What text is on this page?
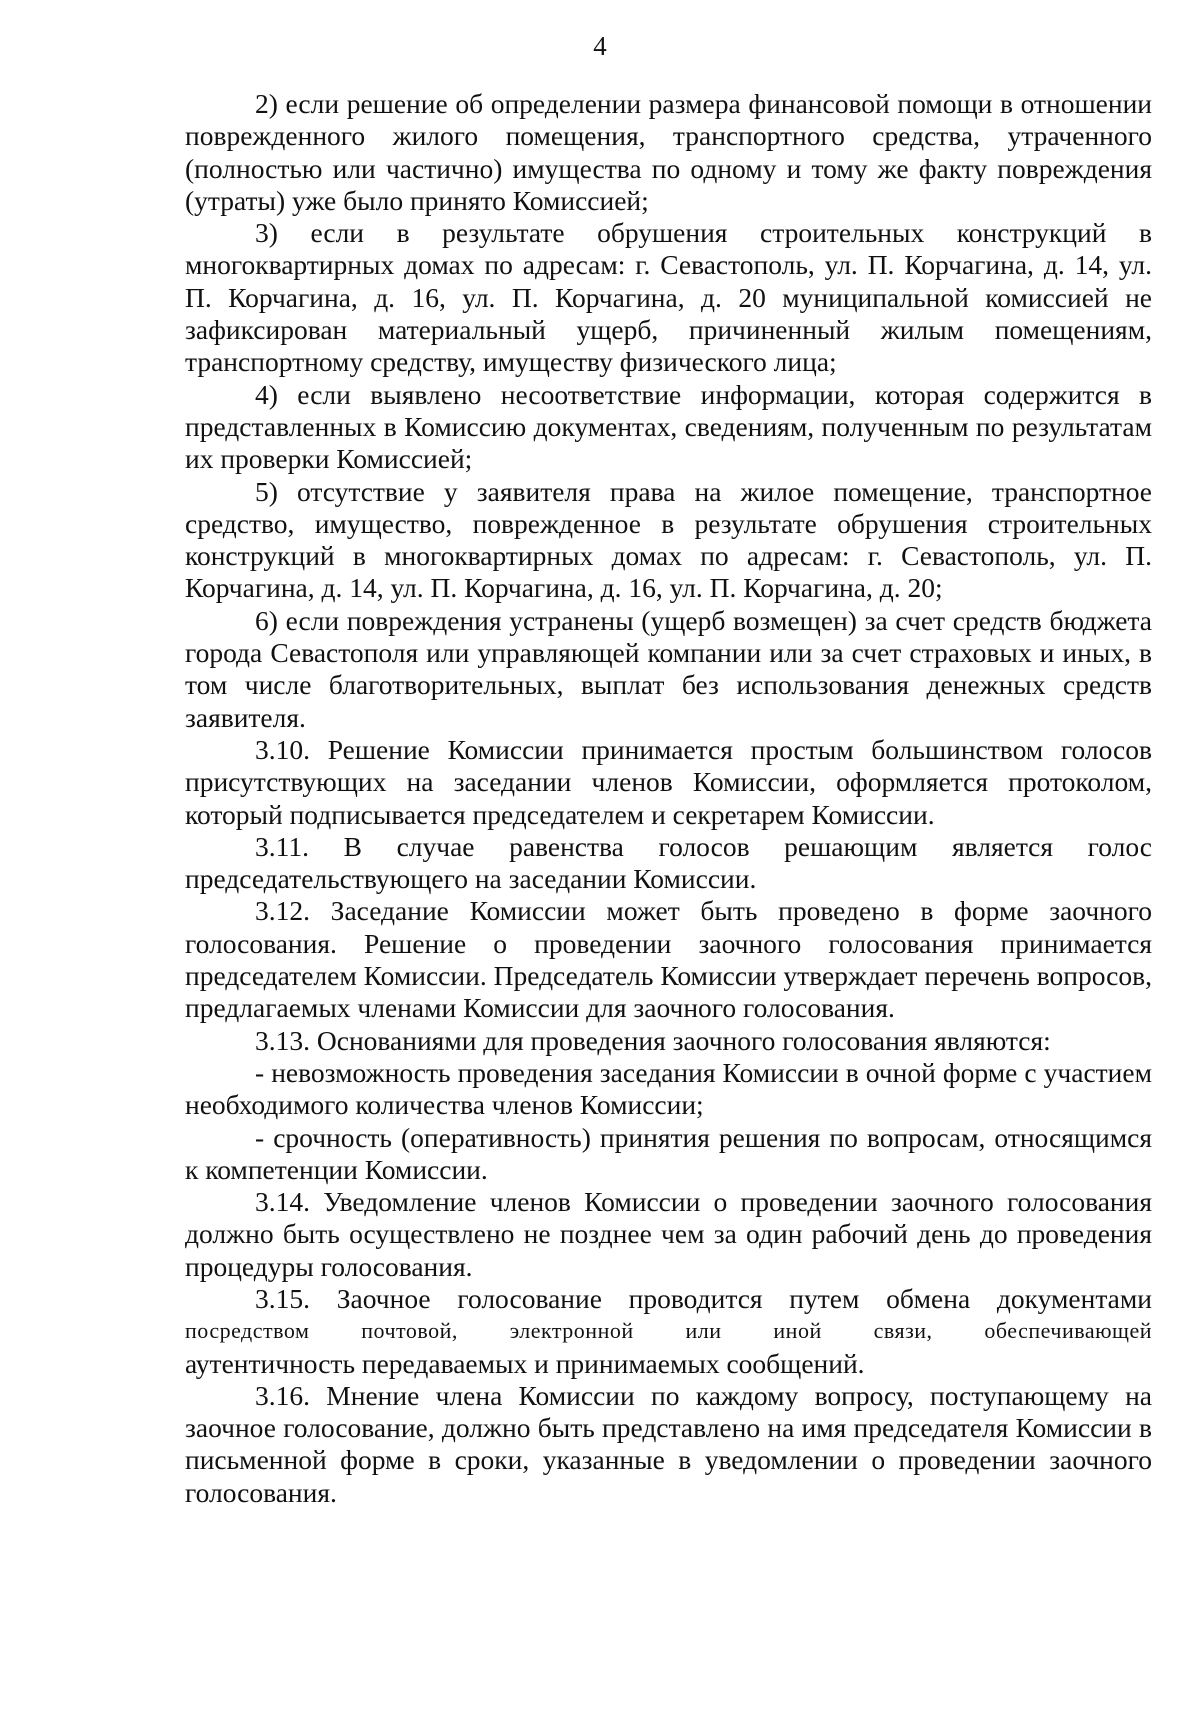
4

2) если решение об определении размера финансовой помощи в отношении поврежденного жилого помещения, транспортного средства, утраченного (полностью или частично) имущества по одному и тому же факту повреждения (утраты) уже было принято Комиссией;

3) если в результате обрушения строительных конструкций в многоквартирных домах по адресам: г. Севастополь, ул. П. Корчагина, д. 14, ул. П. Корчагина, д. 16, ул. П. Корчагина, д. 20 муниципальной комиссией не зафиксирован материальный ущерб, причиненный жилым помещениям, транспортному средству, имуществу физического лица;

4) если выявлено несоответствие информации, которая содержится в представленных в Комиссию документах, сведениям, полученным по результатам их проверки Комиссией;

5) отсутствие у заявителя права на жилое помещение, транспортное средство, имущество, поврежденное в результате обрушения строительных конструкций в многоквартирных домах по адресам: г. Севастополь, ул. П. Корчагина, д. 14, ул. П. Корчагина, д. 16, ул. П. Корчагина, д. 20;

6) если повреждения устранены (ущерб возмещен) за счет средств бюджета города Севастополя или управляющей компании или за счет страховых и иных, в том числе благотворительных, выплат без использования денежных средств заявителя.

3.10. Решение Комиссии принимается простым большинством голосов присутствующих на заседании членов Комиссии, оформляется протоколом, который подписывается председателем и секретарем Комиссии.

3.11. В случае равенства голосов решающим является голос председательствующего на заседании Комиссии.

3.12. Заседание Комиссии может быть проведено в форме заочного голосования. Решение о проведении заочного голосования принимается председателем Комиссии. Председатель Комиссии утверждает перечень вопросов, предлагаемых членами Комиссии для заочного голосования.

3.13. Основаниями для проведения заочного голосования являются:

- невозможность проведения заседания Комиссии в очной форме с участием необходимого количества членов Комиссии;

- срочность (оперативность) принятия решения по вопросам, относящимся к компетенции Комиссии.

3.14. Уведомление членов Комиссии о проведении заочного голосования должно быть осуществлено не позднее чем за один рабочий день до проведения процедуры голосования.

3.15. Заочное голосование проводится путем обмена документами
посредством почтовой, электронной или иной связи, обеспечивающей
аутентичность передаваемых и принимаемых сообщений.

3.16. Мнение члена Комиссии по каждому вопросу, поступающему на заочное голосование, должно быть представлено на имя председателя Комиссии в письменной форме в сроки, указанные в уведомлении о проведении заочного голосования.
